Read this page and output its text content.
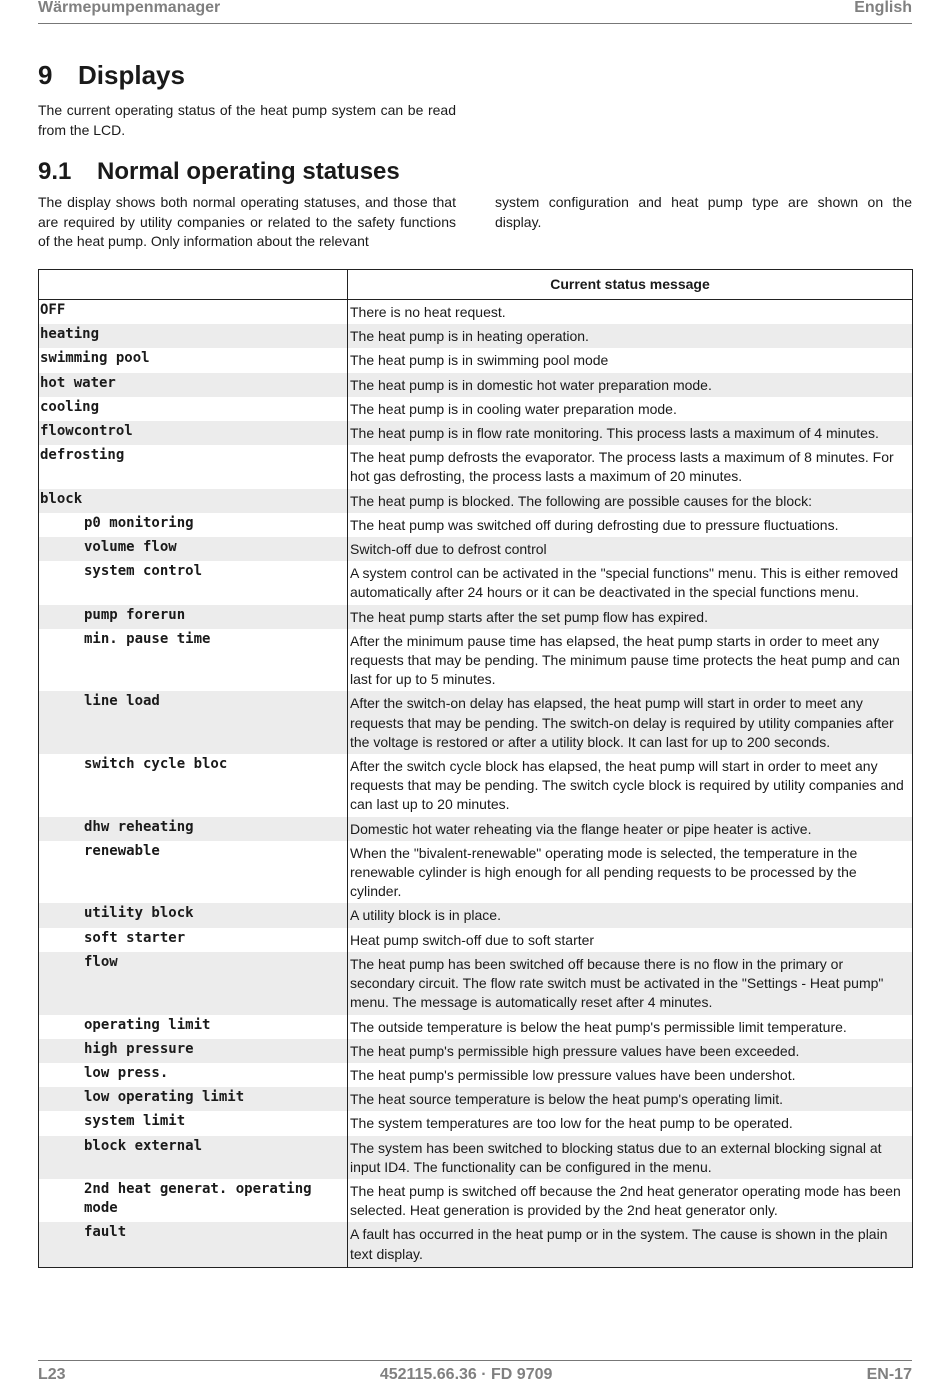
Wärmepumpenmanager	English
9 Displays

The current operating status of the heat pump system can be read from the LCD.

9.1 Normal operating statuses

The display shows both normal operating statuses, and those that are required by utility companies or related to the safety functions of the heat pump. Only information about the relevant

system configuration and heat pump type are shown on the display.

	Current status message
OFF	There is no heat request.
heating	The heat pump is in heating operation.
swimming pool	The heat pump is in swimming pool mode
hot water	The heat pump is in domestic hot water preparation mode.
cooling	The heat pump is in cooling water preparation mode.
flowcontrol	The heat pump is in flow rate monitoring. This process lasts a maximum of 4 minutes.
defrosting	The heat pump defrosts the evaporator. The process lasts a maximum of 8 minutes. For hot gas defrosting, the process lasts a maximum of 20 minutes.
block	The heat pump is blocked. The following are possible causes for the block:
p0 monitoring	The heat pump was switched off during defrosting due to pressure fluctuations.
volume flow	Switch-off due to defrost control
system control	A system control can be activated in the "special functions" menu. This is either removed automatically after 24 hours or it can be deactivated in the special functions menu.
pump forerun	The heat pump starts after the set pump flow has expired.
min. pause time	After the minimum pause time has elapsed, the heat pump starts in order to meet any requests that may be pending. The minimum pause time protects the heat pump and can last for up to 5 minutes.
line load	After the switch-on delay has elapsed, the heat pump will start in order to meet any requests that may be pending. The switch-on delay is required by utility companies after the voltage is restored or after a utility block. It can last for up to 200 seconds.
switch cycle bloc	After the switch cycle block has elapsed, the heat pump will start in order to meet any requests that may be pending. The switch cycle block is required by utility companies and can last up to 20 minutes.
dhw reheating	Domestic hot water reheating via the flange heater or pipe heater is active.
renewable	When the "bivalent-renewable" operating mode is selected, the temperature in the renewable cylinder is high enough for all pending requests to be processed by the cylinder.
utility block	A utility block is in place.
soft starter	Heat pump switch-off due to soft starter
flow	The heat pump has been switched off because there is no flow in the primary or secondary circuit. The flow rate switch must be activated in the "Settings - Heat pump" menu. The message is automatically reset after 4 minutes.
operating limit	The outside temperature is below the heat pump's permissible limit temperature.
high pressure	The heat pump's permissible high pressure values have been exceeded.
low press.	The heat pump's permissible low pressure values have been undershot.
low operating limit	The heat source temperature is below the heat pump's operating limit.
system limit	The system temperatures are too low for the heat pump to be operated.
block external	The system has been switched to blocking status due to an external blocking signal at input ID4. The functionality can be configured in the menu.
2nd heat generat. operating mode	The heat pump is switched off because the 2nd heat generator operating mode has been selected. Heat generation is provided by the 2nd heat generator only.
fault	A fault has occurred in the heat pump or in the system. The cause is shown in the plain text display.
L23	452115.66.36 · FD 9709	EN-17
